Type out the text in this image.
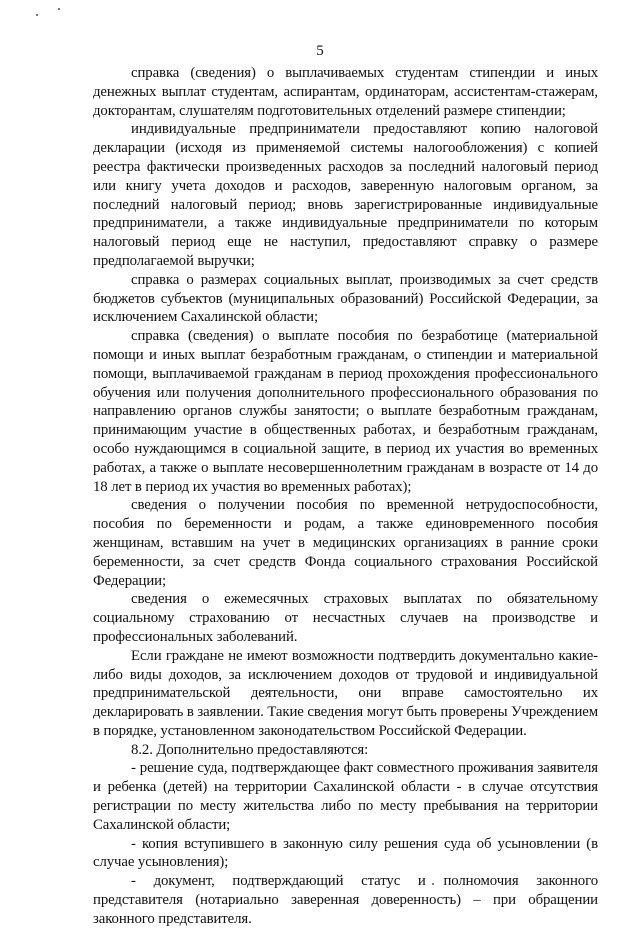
5

справка (сведения) о выплачиваемых студентам стипендии и иных денежных выплат студентам, аспирантам, ординаторам, ассистентам-стажерам, докторантам, слушателям подготовительных отделений размере стипендии;

индивидуальные предприниматели предоставляют копию налоговой декларации (исходя из применяемой системы налогообложения) с копией реестра фактически произведенных расходов за последний налоговый период или книгу учета доходов и расходов, заверенную налоговым органом, за последний налоговый период; вновь зарегистрированные индивидуальные предприниматели, а также индивидуальные предприниматели по которым налоговый период еще не наступил, предоставляют справку о размере предполагаемой выручки;

справка о размерах социальных выплат, производимых за счет средств бюджетов субъектов (муниципальных образований) Российской Федерации, за исключением Сахалинской области;

справка (сведения) о выплате пособия по безработице (материальной помощи и иных выплат безработным гражданам, о стипендии и материальной помощи, выплачиваемой гражданам в период прохождения профессионального обучения или получения дополнительного профессионального образования по направлению органов службы занятости; о выплате безработным гражданам, принимающим участие в общественных работах, и безработным гражданам, особо нуждающимся в социальной защите, в период их участия во временных работах, а также о выплате несовершеннолетним гражданам в возрасте от 14 до 18 лет в период их участия во временных работах);

сведения о получении пособия по временной нетрудоспособности, пособия по беременности и родам, а также единовременного пособия женщинам, вставшим на учет в медицинских организациях в ранние сроки беременности, за счет средств Фонда социального страхования Российской Федерации;

сведения о ежемесячных страховых выплатах по обязательному социальному страхованию от несчастных случаев на производстве и профессиональных заболеваний.

Если граждане не имеют возможности подтвердить документально какие-либо виды доходов, за исключением доходов от трудовой и индивидуальной предпринимательской деятельности, они вправе самостоятельно их декларировать в заявлении. Такие сведения могут быть проверены Учреждением в порядке, установленном законодательством Российской Федерации.

8.2. Дополнительно предоставляются:

- решение суда, подтверждающее факт совместного проживания заявителя и ребенка (детей) на территории Сахалинской области - в случае отсутствия регистрации по месту жительства либо по месту пребывания на территории Сахалинской области;

- копия вступившего в законную силу решения суда об усыновлении (в случае усыновления);

- документ, подтверждающий статус и полномочия законного представителя (нотариально заверенная доверенность) – при обращении законного представителя.
